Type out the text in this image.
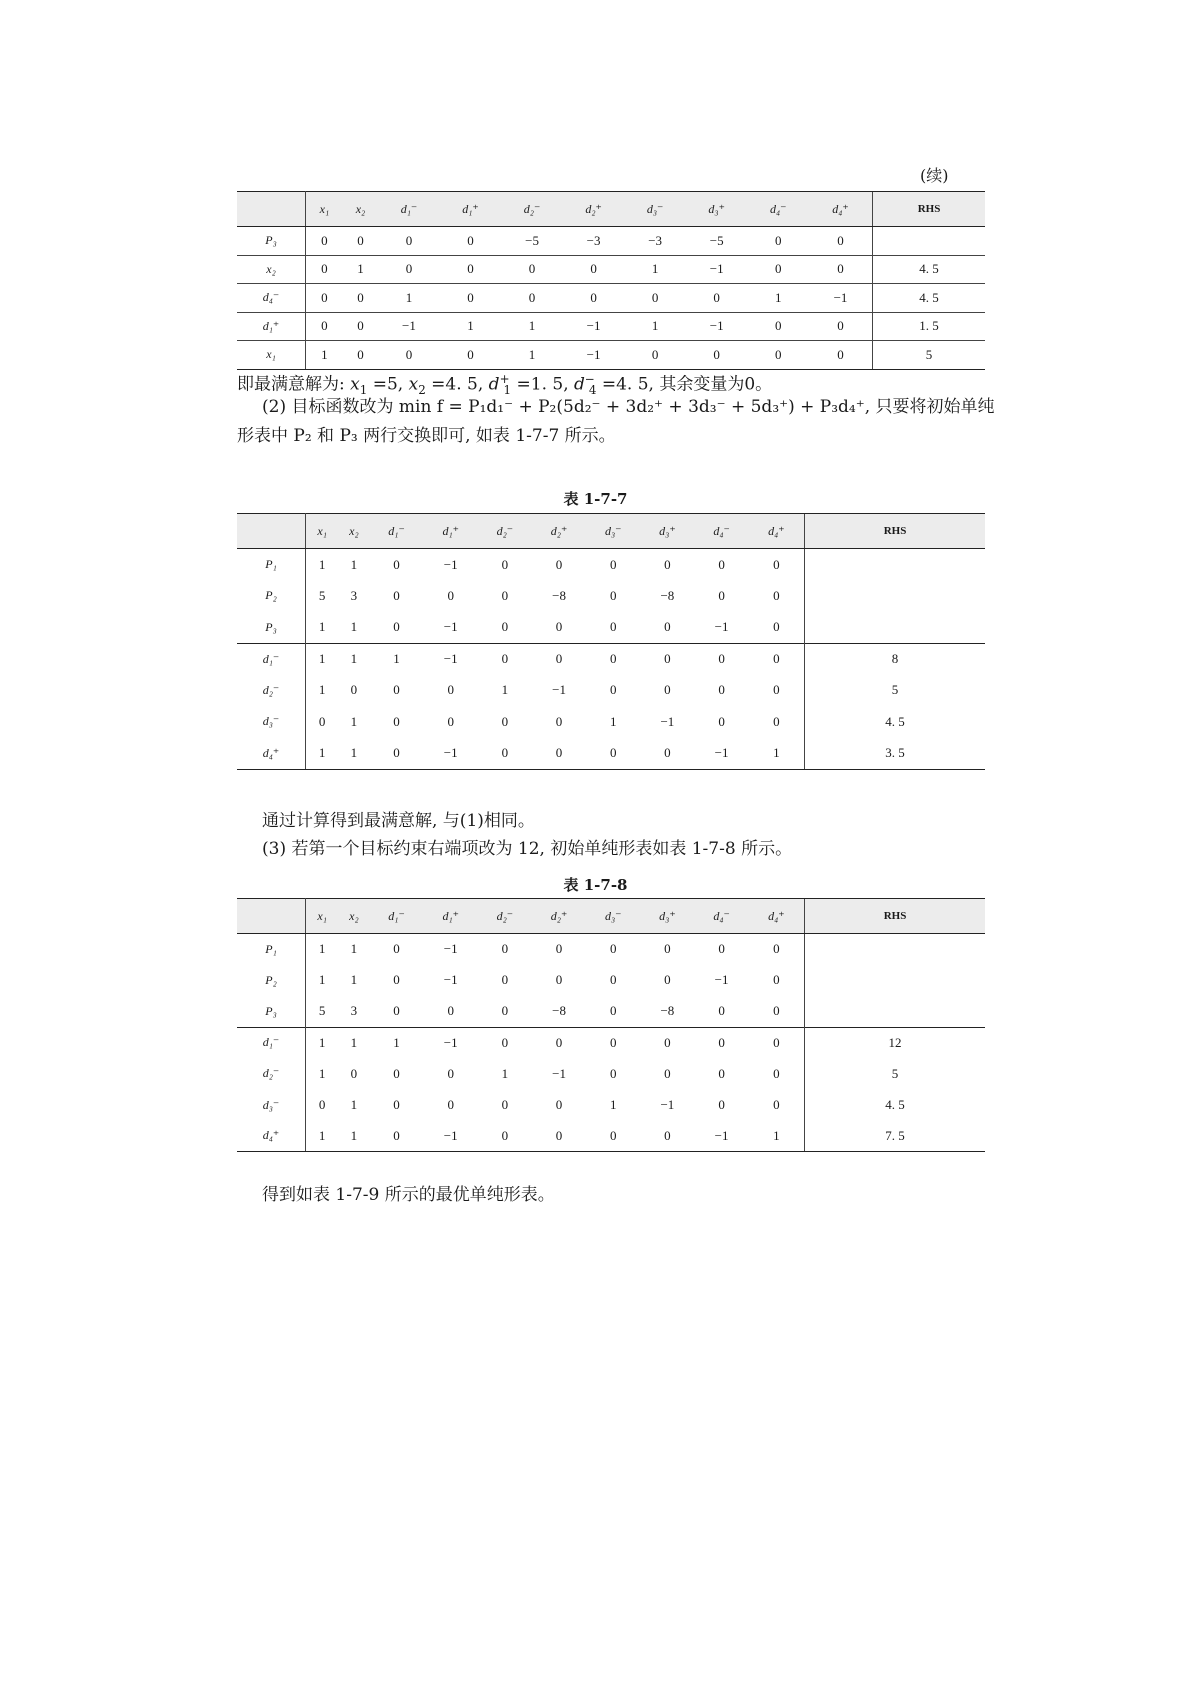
(续)
	x₁	x₂	d₁⁻	d₁⁺	d₂⁻	d₂⁺	d₃⁻	d₃⁺	d₄⁻	d₄⁺	RHS
P₃	0	0	0	0	−5	−3	−3	−5	0	0	
x₂	0	1	0	0	0	0	1	−1	0	0	4. 5
d₄⁻	0	0	1	0	0	0	0	0	1	−1	4. 5
d₁⁺	0	0	−1	1	1	−1	1	−1	0	0	1. 5
x₁	1	0	0	0	1	−1	0	0	0	0	5
即最满意解为: $x_1 =5$, $x_2 =4$. 5, $d^+_1 =1$. 5, $d^-_4 =4$. 5, 其余变量为0。
(2) 目标函数改为 min f = P₁d₁⁻ + P₂(5d₂⁻ + 3d₂⁺ + 3d₃⁻ + 5d₃⁺) + P₃d₄⁺, 只要将初始单纯
形表中 P₂ 和 P₃ 两行交换即可, 如表 1-7-7 所示。
表 1-7-7
	x₁	x₂	d₁⁻	d₁⁺	d₂⁻	d₂⁺	d₃⁻	d₃⁺	d₄⁻	d₄⁺	RHS
P₁	1	1	0	−1	0	0	0	0	0	0	
P₂	5	3	0	0	0	−8	0	−8	0	0	
P₃	1	1	0	−1	0	0	0	0	−1	0	
d₁⁻	1	1	1	−1	0	0	0	0	0	0	8
d₂⁻	1	0	0	0	1	−1	0	0	0	0	5
d₃⁻	0	1	0	0	0	0	1	−1	0	0	4. 5
d₄⁺	1	1	0	−1	0	0	0	0	−1	1	3. 5
通过计算得到最满意解, 与(1)相同。
(3) 若第一个目标约束右端项改为 12, 初始单纯形表如表 1-7-8 所示。
表 1-7-8
	x₁	x₂	d₁⁻	d₁⁺	d₂⁻	d₂⁺	d₃⁻	d₃⁺	d₄⁻	d₄⁺	RHS
P₁	1	1	0	−1	0	0	0	0	0	0	
P₂	1	1	0	−1	0	0	0	0	−1	0	
P₃	5	3	0	0	0	−8	0	−8	0	0	
d₁⁻	1	1	1	−1	0	0	0	0	0	0	12
d₂⁻	1	0	0	0	1	−1	0	0	0	0	5
d₃⁻	0	1	0	0	0	0	1	−1	0	0	4. 5
d₄⁺	1	1	0	−1	0	0	0	0	−1	1	7. 5
得到如表 1-7-9 所示的最优单纯形表。
